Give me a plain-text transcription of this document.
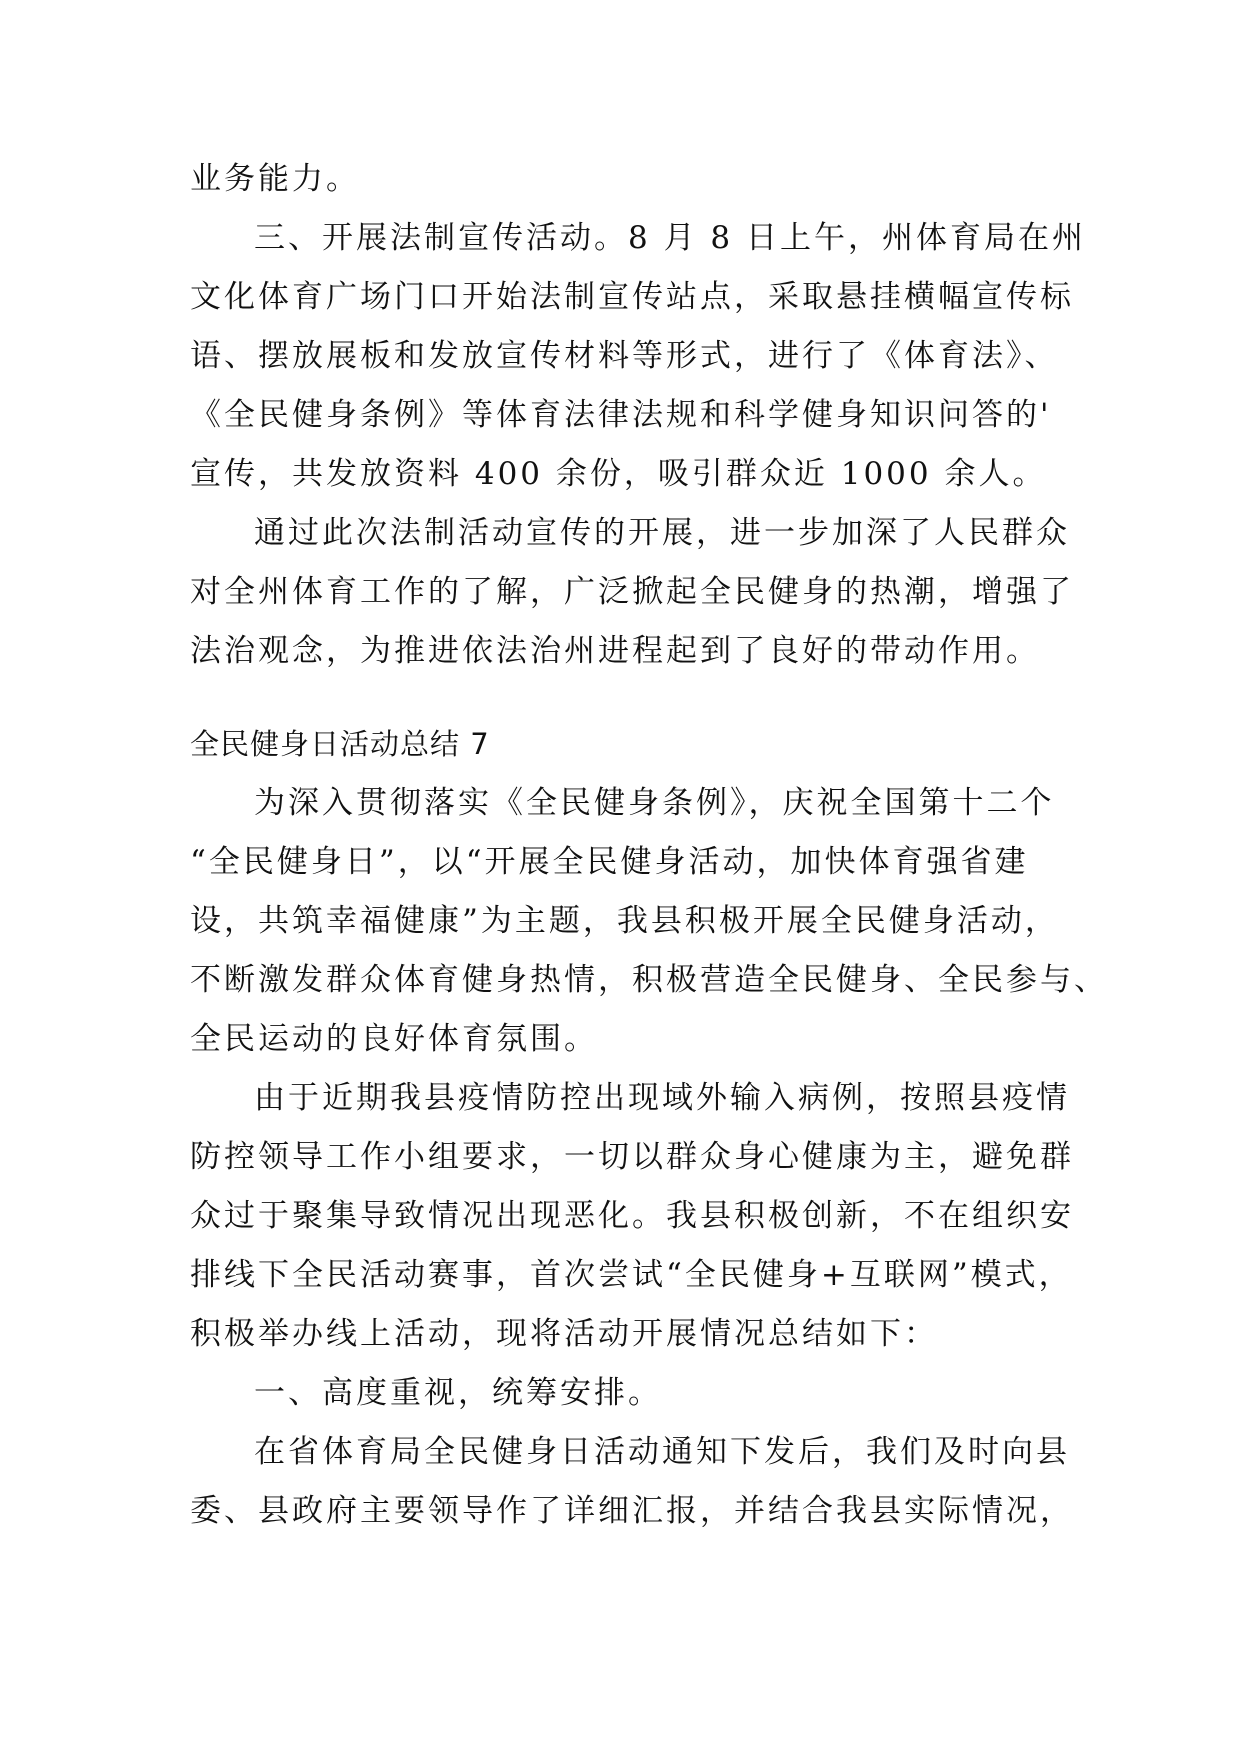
业务能力。
三、开展法制宣传活动。8 月 8 日上午，州体育局在州
文化体育广场门口开始法制宣传站点，采取悬挂横幅宣传标
语、摆放展板和发放宣传材料等形式，进行了《体育法》、
《全民健身条例》等体育法律法规和科学健身知识问答的'
宣传，共发放资料 400 余份，吸引群众近 1000 余人。
通过此次法制活动宣传的开展，进一步加深了人民群众
对全州体育工作的了解，广泛掀起全民健身的热潮，增强了
法治观念，为推进依法治州进程起到了良好的带动作用。
全民健身日活动总结 7
为深入贯彻落实《全民健身条例》，庆祝全国第十二个
“全民健身日”，以“开展全民健身活动，加快体育强省建
设，共筑幸福健康”为主题，我县积极开展全民健身活动，
不断激发群众体育健身热情，积极营造全民健身、全民参与、
全民运动的良好体育氛围。
由于近期我县疫情防控出现域外输入病例，按照县疫情
防控领导工作小组要求，一切以群众身心健康为主，避免群
众过于聚集导致情况出现恶化。我县积极创新，不在组织安
排线下全民活动赛事，首次尝试“全民健身+互联网”模式，
积极举办线上活动，现将活动开展情况总结如下：
一、高度重视，统筹安排。
在省体育局全民健身日活动通知下发后，我们及时向县
委、县政府主要领导作了详细汇报，并结合我县实际情况，
